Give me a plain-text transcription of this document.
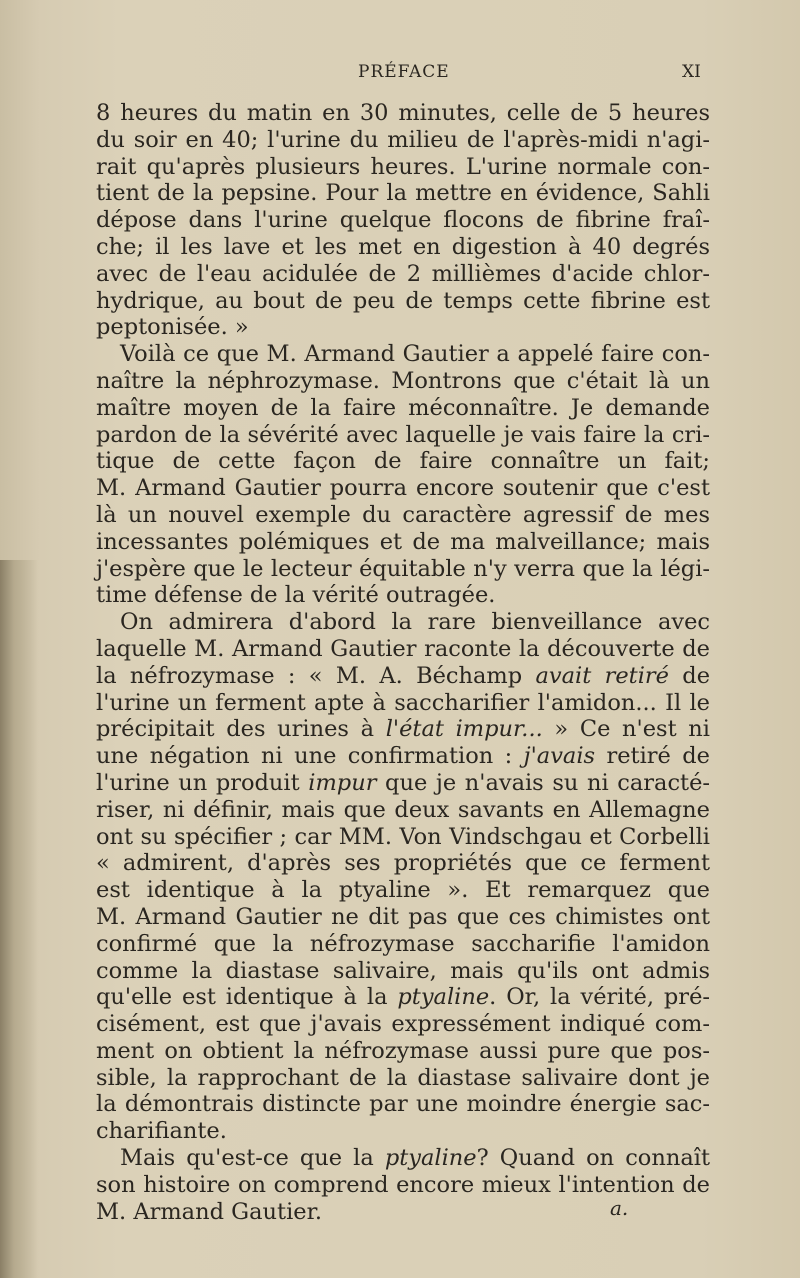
PRÉFACE	XI
8 heures du matin en 30 minutes, celle de 5 heures
du soir en 40; l'urine du milieu de l'après-midi n'agi-
rait qu'après plusieurs heures. L'urine normale con-
tient de la pepsine. Pour la mettre en évidence, Sahli
dépose dans l'urine quelque flocons de fibrine fraî-
che; il les lave et les met en digestion à 40 degrés
avec de l'eau acidulée de 2 millièmes d'acide chlor-
hydrique, au bout de peu de temps cette fibrine est
peptonisée. »
Voilà ce que M. Armand Gautier a appelé faire con-
naître la néphrozymase. Montrons que c'était là un
maître moyen de la faire méconnaître. Je demande
pardon de la sévérité avec laquelle je vais faire la cri-
tique de cette façon de faire connaître un fait;
M. Armand Gautier pourra encore soutenir que c'est
là un nouvel exemple du caractère agressif de mes
incessantes polémiques et de ma malveillance; mais
j'espère que le lecteur équitable n'y verra que la légi-
time défense de la vérité outragée.
On admirera d'abord la rare bienveillance avec
laquelle M. Armand Gautier raconte la découverte de
la néfrozymase : « M. A. Béchamp avait retiré de
l'urine un ferment apte à saccharifier l'amidon... Il le
précipitait des urines à l'état impur... » Ce n'est ni
une négation ni une confirmation : j'avais retiré de
l'urine un produit impur que je n'avais su ni caracté-
riser, ni définir, mais que deux savants en Allemagne
ont su spécifier ; car MM. Von Vindschgau et Corbelli
« admirent, d'après ses propriétés que ce ferment
est identique à la ptyaline ». Et remarquez que
M. Armand Gautier ne dit pas que ces chimistes ont
confirmé que la néfrozymase saccharifie l'amidon
comme la diastase salivaire, mais qu'ils ont admis
qu'elle est identique à la ptyaline. Or, la vérité, pré-
cisément, est que j'avais expressément indiqué com-
ment on obtient la néfrozymase aussi pure que pos-
sible, la rapprochant de la diastase salivaire dont je
la démontrais distincte par une moindre énergie sac-
charifiante.
Mais qu'est-ce que la ptyaline? Quand on connaît
son histoire on comprend encore mieux l'intention de
M. Armand Gautier.	a.
